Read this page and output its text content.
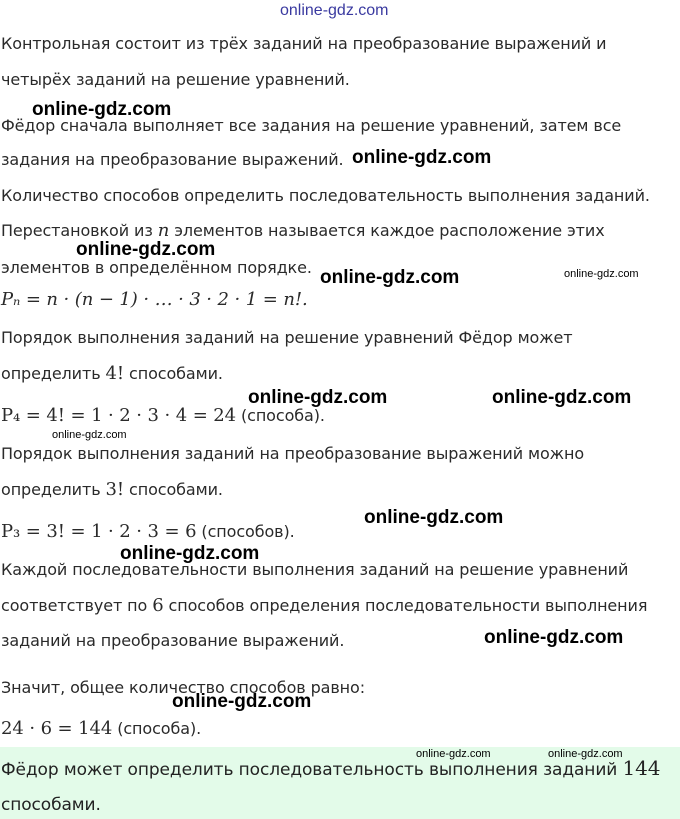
online-gdz.com
Контрольная состоит из трёх заданий на преобразование выражений и
четырёх заданий на решение уравнений.
Фёдор сначала выполняет все задания на решение уравнений, затем все
задания на преобразование выражений.
Количество способов определить последовательность выполнения заданий.
Перестановкой из n элементов называется каждое расположение этих
элементов в определённом порядке.
Pₙ = n · (n − 1) · … · 3 · 2 · 1 = n!.
Порядок выполнения заданий на решение уравнений Фёдор может
определить 4! способами.
P₄ = 4! = 1 · 2 · 3 · 4 = 24 (способа).
Порядок выполнения заданий на преобразование выражений можно
определить 3! способами.
P₃ = 3! = 1 · 2 · 3 = 6 (способов).
Каждой последовательности выполнения заданий на решение уравнений
соответствует по 6 способов определения последовательности выполнения
заданий на преобразование выражений.
Значит, общее количество способов равно:
24 · 6 = 144 (способа).
Фёдор может определить последовательность выполнения заданий 144
способами.
online-gdz.com
online-gdz.com
online-gdz.com
online-gdz.com	online-gdz.com
online-gdz.com	online-gdz.com
online-gdz.com
online-gdz.com
online-gdz.com
online-gdz.com
online-gdz.com
online-gdz.com	online-gdz.com
